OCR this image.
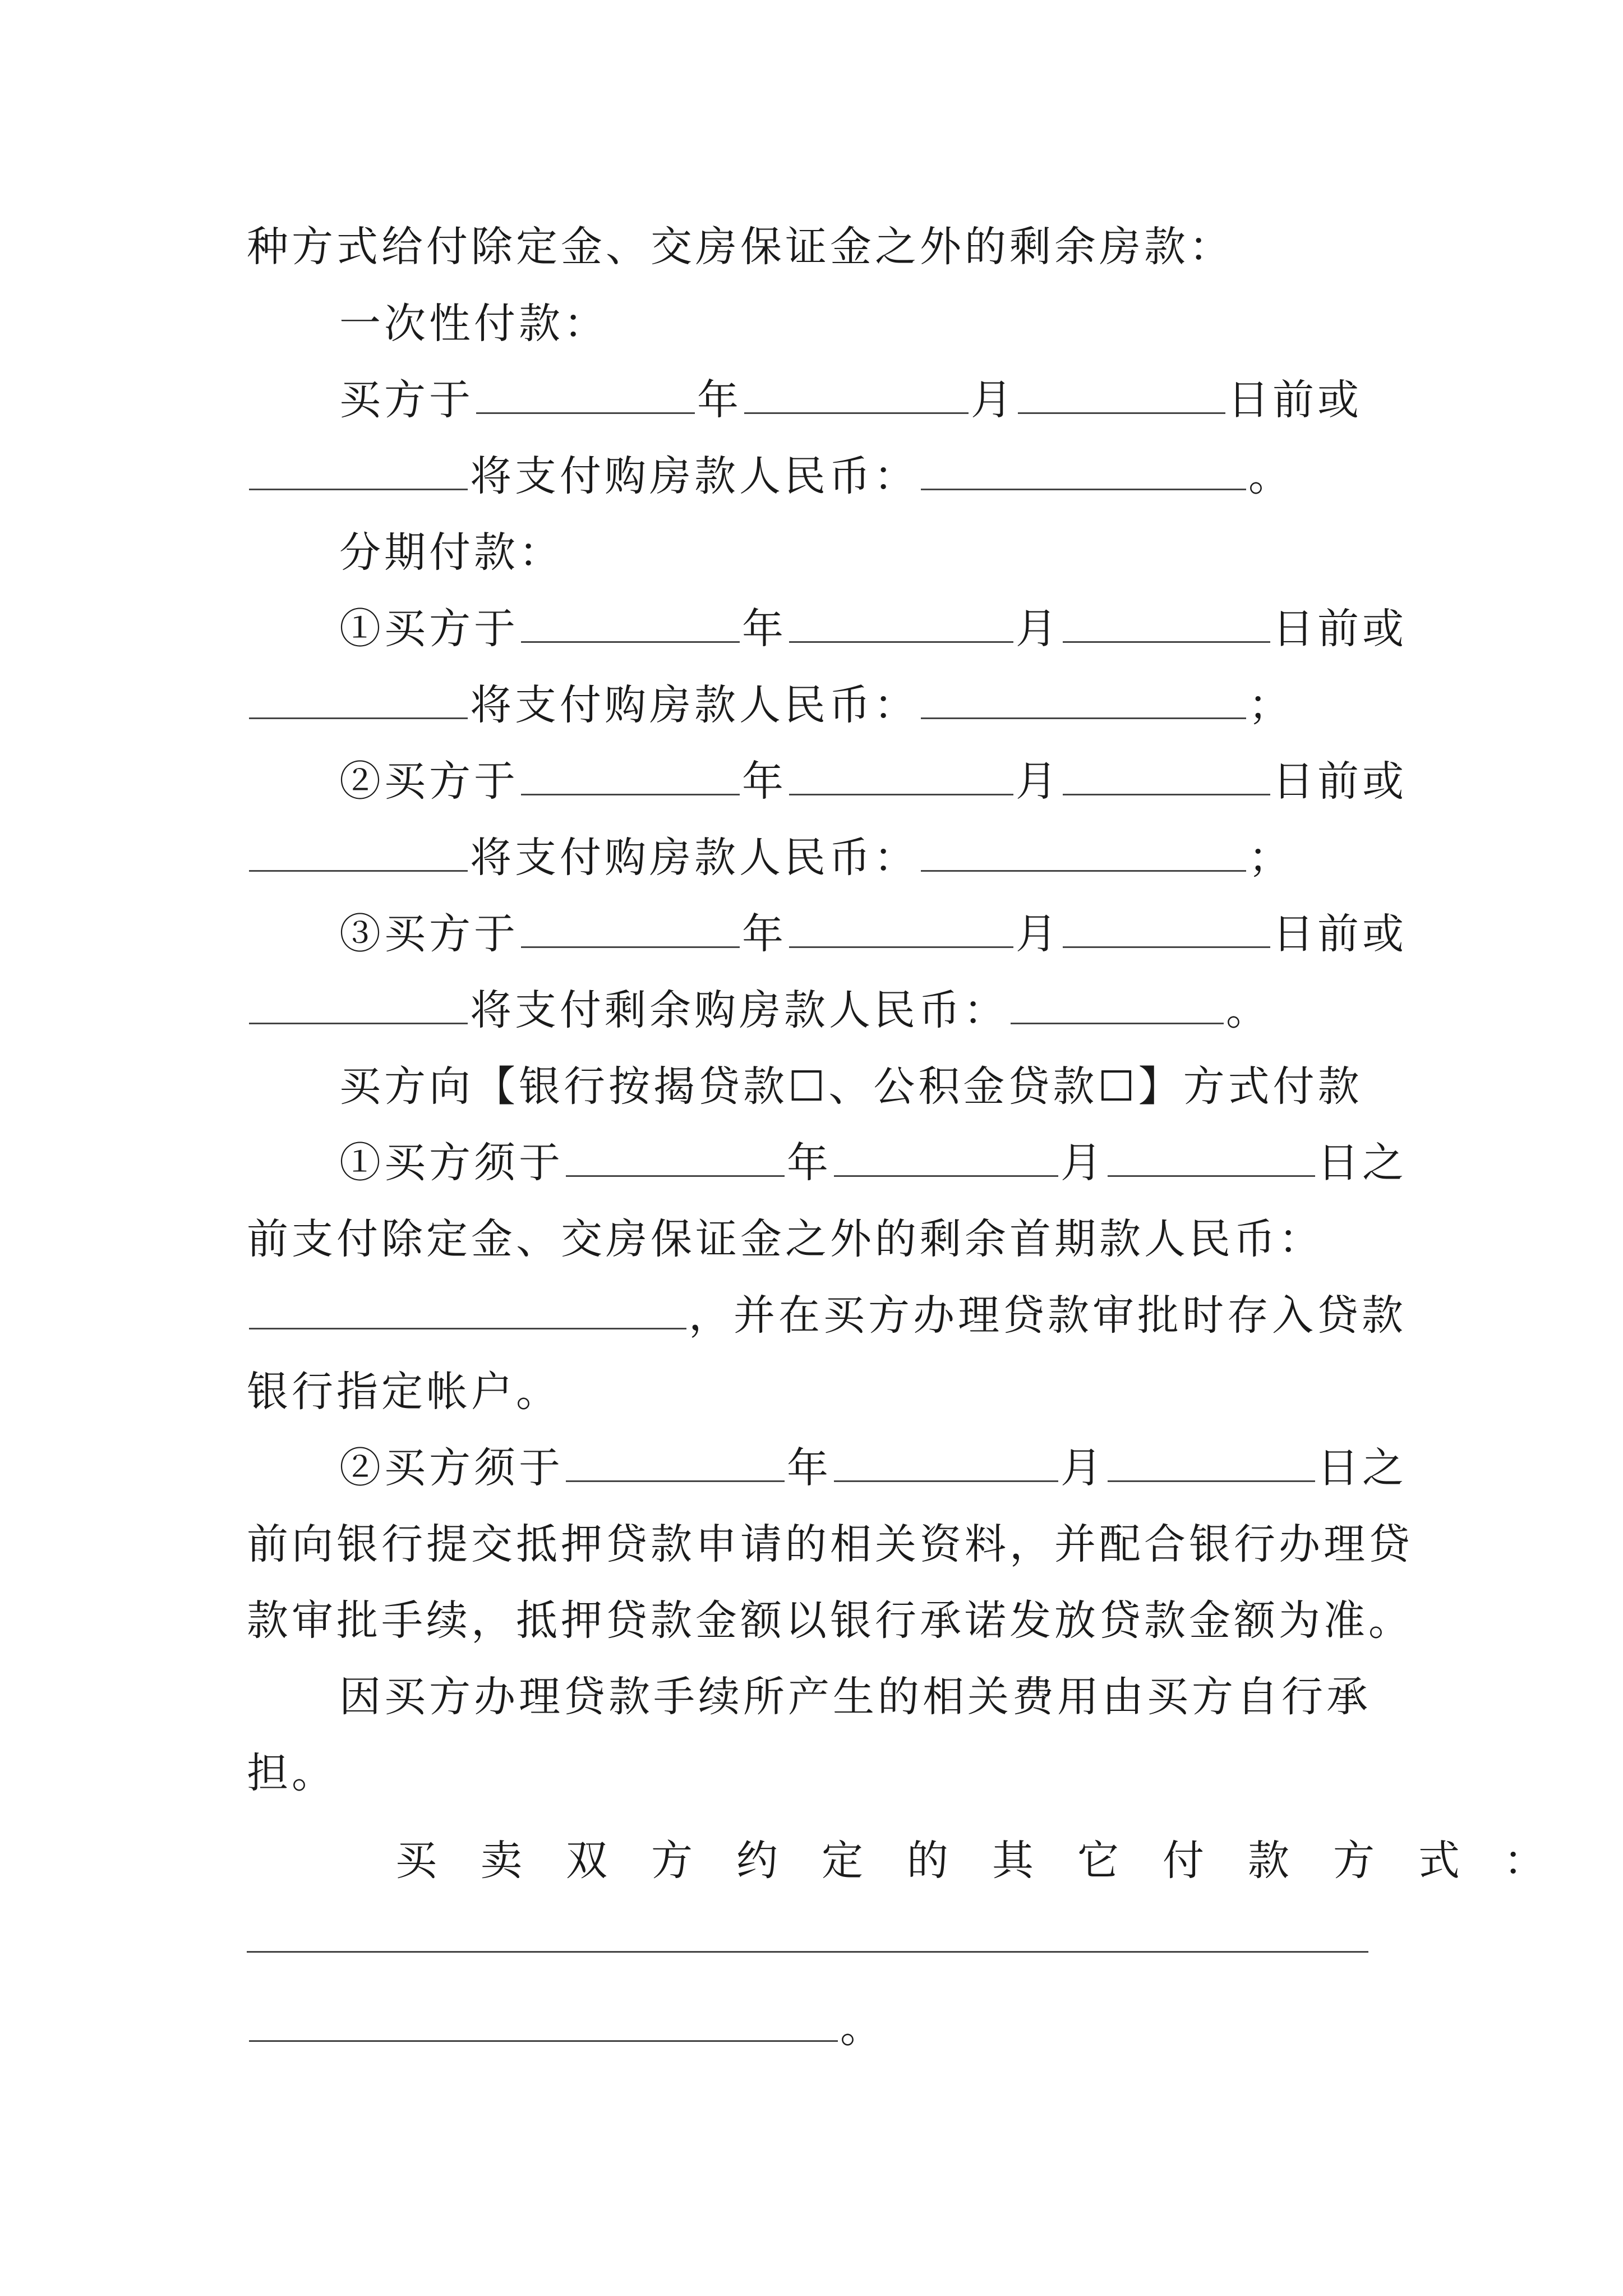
种方式给付除定金、交房保证金之外的剩余房款：
一次性付款：
买方于	年	月	日前或
将支付购房款人民币：	。
分期付款：
①买方于	年	月	日前或
将支付购房款人民币：	；
②买方于	年	月	日前或
将支付购房款人民币：	；
③买方于	年	月	日前或
将支付剩余购房款人民币：	。
买方向【银行按揭贷款☐、公积金贷款☐】方式付款
①买方须于	年	月	日之
前支付除定金、交房保证金之外的剩余首期款人民币：
，并在买方办理贷款审批时存入贷款
银行指定帐户。
②买方须于	年	月	日之
前向银行提交抵押贷款申请的相关资料，并配合银行办理贷
款审批手续，抵押贷款金额以银行承诺发放贷款金额为准。
因买方办理贷款手续所产生的相关费用由买方自行承
担。
买卖双方约定的其它付款方式：
。
